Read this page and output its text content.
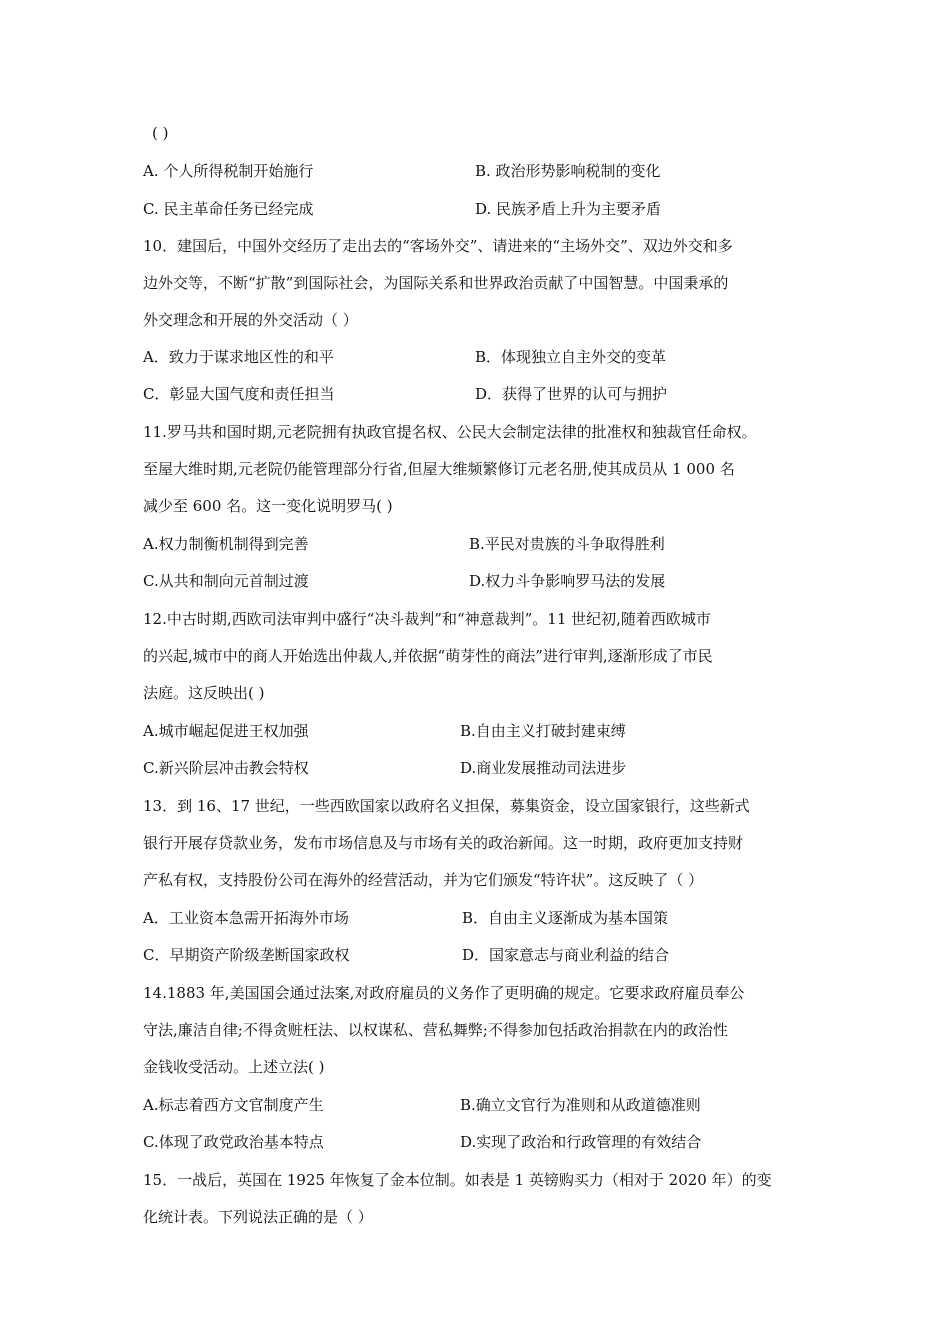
( )
A. 个人所得税制开始施行	B. 政治形势影响税制的变化
C. 民主革命任务已经完成	D. 民族矛盾上升为主要矛盾
10．建国后，中国外交经历了走出去的“客场外交”、请进来的“主场外交”、双边外交和多
边外交等，不断“扩散”到国际社会，为国际关系和世界政治贡献了中国智慧。中国秉承的
外交理念和开展的外交活动（ ）
A．致力于谋求地区性的和平	B．体现独立自主外交的变革
C．彰显大国气度和责任担当	D．获得了世界的认可与拥护
11.罗马共和国时期,元老院拥有执政官提名权、公民大会制定法律的批准权和独裁官任命权。
至屋大维时期,元老院仍能管理部分行省,但屋大维频繁修订元老名册,使其成员从 1 000 名
减少至 600 名。这一变化说明罗马( )
A.权力制衡机制得到完善	B.平民对贵族的斗争取得胜利
C.从共和制向元首制过渡	D.权力斗争影响罗马法的发展
12.中古时期,西欧司法审判中盛行“决斗裁判”和“神意裁判”。11 世纪初,随着西欧城市
的兴起,城市中的商人开始选出仲裁人,并依据“萌芽性的商法”进行审判,逐渐形成了市民
法庭。这反映出( )
A.城市崛起促进王权加强	B.自由主义打破封建束缚
C.新兴阶层冲击教会特权	D.商业发展推动司法进步
13．到 16、17 世纪，一些西欧国家以政府名义担保，募集资金，设立国家银行，这些新式
银行开展存贷款业务，发布市场信息及与市场有关的政治新闻。这一时期，政府更加支持财
产私有权，支持股份公司在海外的经营活动，并为它们颁发“特许状”。这反映了（ ）
A．工业资本急需开拓海外市场	B．自由主义逐渐成为基本国策
C．早期资产阶级垄断国家政权	D．国家意志与商业利益的结合
14.1883 年,美国国会通过法案,对政府雇员的义务作了更明确的规定。它要求政府雇员奉公
守法,廉洁自律;不得贪赃枉法、以权谋私、营私舞弊;不得参加包括政治捐款在内的政治性
金钱收受活动。上述立法( )
A.标志着西方文官制度产生	B.确立文官行为准则和从政道德准则
C.体现了政党政治基本特点	D.实现了政治和行政管理的有效结合
15．一战后，英国在 1925 年恢复了金本位制。如表是 1 英镑购买力（相对于 2020 年）的变
化统计表。下列说法正确的是（ ）
